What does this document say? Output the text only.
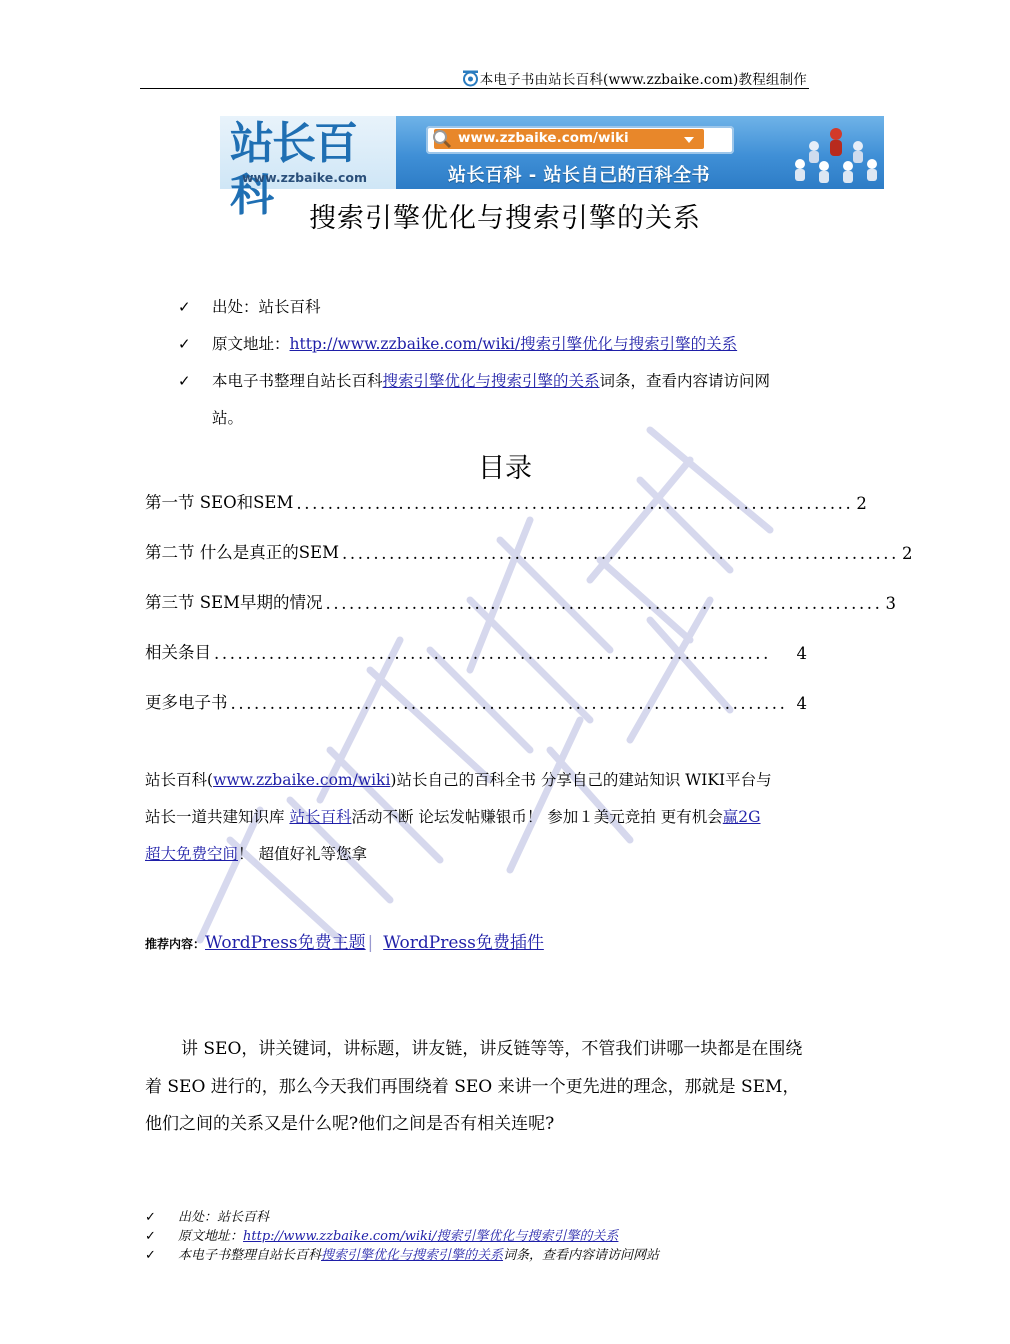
本电子书由站长百科(www.zzbaike.com)教程组制作
站长百科
www.zzbaike.com
www.zzbaike.com/wiki
站长百科 - 站长自己的百科全书
搜索引擎优化与搜索引擎的关系
✓ 出处：站长百科
✓ 原文地址：http://www.zzbaike.com/wiki/搜索引擎优化与搜索引擎的关系
✓ 本电子书整理自站长百科搜索引擎优化与搜索引擎的关系词条，查看内容请访问网
站。
目录
第一节 SEO和SEM ....................................................................... 2
第二节 什么是真正的SEM ....................................................................... 2
第三节 SEM早期的情况 ....................................................................... 3
相关条目 .......................................................................	4
更多电子书 ....................................................................... 4
站长百科(www.zzbaike.com/wiki)站长自己的百科全书 分享自己的建站知识 WIKI平台与
站长一道共建知识库 站长百科活动不断 论坛发帖赚银币！ 参加１美元竞拍 更有机会赢2G
超大免费空间！ 超值好礼等您拿
推荐内容：WordPress免费主题 | WordPress免费插件
讲 SEO，讲关键词，讲标题，讲友链，讲反链等等，不管我们讲哪一块都是在围绕着 SEO 进行的，那么今天我们再围绕着 SEO 来讲一个更先进的理念，那就是 SEM，他们之间的关系又是什么呢?他们之间是否有相关连呢?
✓ 出处：站长百科
✓ 原文地址：http://www.zzbaike.com/wiki/搜索引擎优化与搜索引擎的关系
✓ 本电子书整理自站长百科搜索引擎优化与搜索引擎的关系词条，查看内容请访问网站
